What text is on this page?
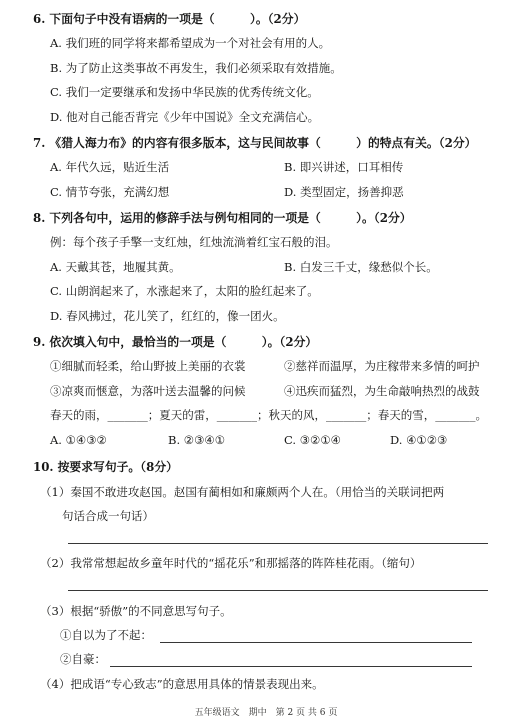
6. 下面句子中没有语病的一项是（　　　）。（2分）
A. 我们班的同学将来都希望成为一个对社会有用的人。
B. 为了防止这类事故不再发生，我们必须采取有效措施。
C. 我们一定要继承和发扬中华民族的优秀传统文化。
D. 他对自己能否背完《少年中国说》全文充满信心。
7. 《猎人海力布》的内容有很多版本，这与民间故事（　　　）的特点有关。（2分）
A. 年代久远，贴近生活	B. 即兴讲述，口耳相传
C. 情节夸张，充满幻想	D. 类型固定，扬善抑恶
8. 下列各句中，运用的修辞手法与例句相同的一项是（　　　）。（2分）
例：每个孩子手擎一支红烛，红烛流淌着红宝石般的泪。
A. 天戴其苍，地履其黄。	B. 白发三千丈，缘愁似个长。
C. 山朗润起来了，水涨起来了，太阳的脸红起来了。
D. 春风拂过，花儿笑了，红红的，像一团火。
9. 依次填入句中，最恰当的一项是（　　　）。（2分）
①细腻而轻柔，给山野披上美丽的衣裳	②慈祥而温厚，为庄稼带来多情的呵护
③凉爽而惬意，为落叶送去温馨的问候	④迅疾而猛烈，为生命敲响热烈的战鼓
春天的雨，_______；夏天的雷，_______；秋天的风，_______；春天的雪，_______。
A. ①④③②	B. ②③④①	C. ③②①④	D. ④①②③
10. 按要求写句子。（8分）
（1）秦国不敢进攻赵国。赵国有蔺相如和廉颇两个人在。（用恰当的关联词把两
句话合成一句话）
（2）我常常想起故乡童年时代的“摇花乐”和那摇落的阵阵桂花雨。（缩句）
（3）根据“骄傲”的不同意思写句子。
①自以为了不起：
②自豪：
（4）把成语“专心致志”的意思用具体的情景表现出来。
五年级语文　期中　第 2 页 共 6 页
